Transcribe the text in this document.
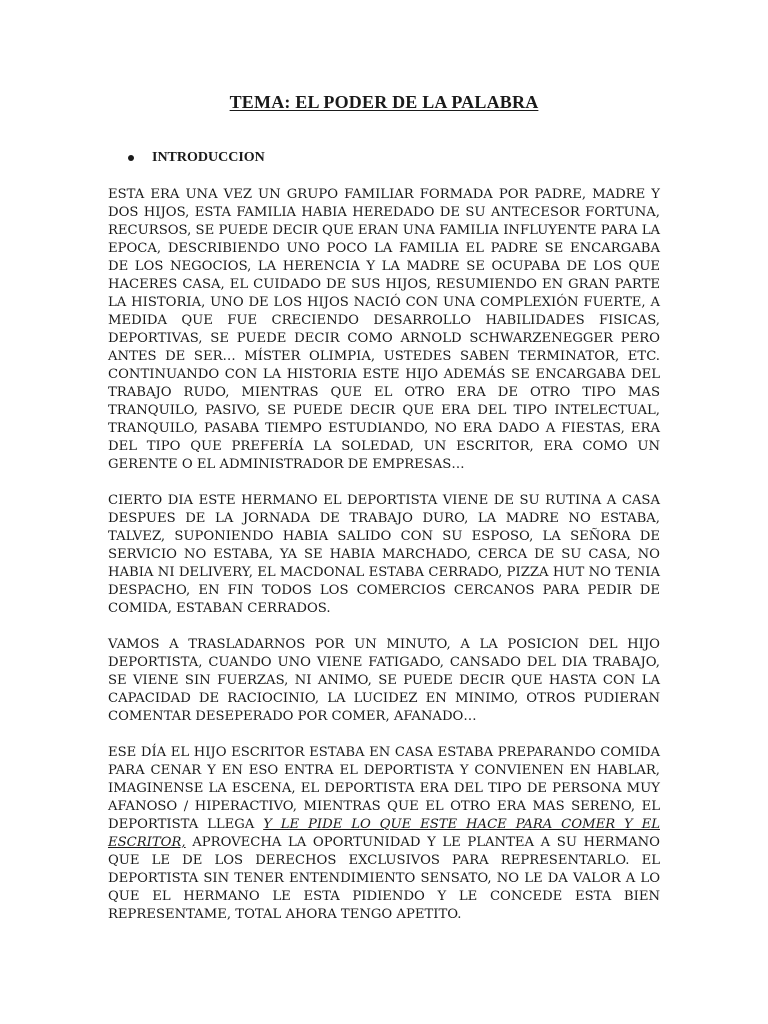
TEMA: EL PODER DE LA PALABRA
INTRODUCCION

ESTA ERA UNA VEZ UN GRUPO FAMILIAR FORMADA POR PADRE, MADRE Y DOS HIJOS, ESTA FAMILIA HABIA HEREDADO DE SU ANTECESOR FORTUNA, RECURSOS, SE PUEDE DECIR QUE ERAN UNA FAMILIA INFLUYENTE PARA LA EPOCA, DESCRIBIENDO UNO POCO LA FAMILIA EL PADRE SE ENCARGABA DE LOS NEGOCIOS, LA HERENCIA Y LA MADRE SE OCUPABA DE LOS QUE HACERES CASA, EL CUIDADO DE SUS HIJOS, RESUMIENDO EN GRAN PARTE LA HISTORIA, UNO DE LOS HIJOS NACIÓ CON UNA COMPLEXIÓN FUERTE, A MEDIDA QUE FUE CRECIENDO DESARROLLO HABILIDADES FISICAS, DEPORTIVAS, SE PUEDE DECIR COMO ARNOLD SCHWARZENEGGER PERO ANTES DE SER… MÍSTER OLIMPIA, USTEDES SABEN TERMINATOR, ETC. CONTINUANDO CON LA HISTORIA ESTE HIJO ADEMÁS SE ENCARGABA DEL TRABAJO RUDO, MIENTRAS QUE EL OTRO ERA DE OTRO TIPO MAS TRANQUILO, PASIVO, SE PUEDE DECIR QUE ERA DEL TIPO INTELECTUAL, TRANQUILO, PASABA TIEMPO ESTUDIANDO, NO ERA DADO A FIESTAS, ERA DEL TIPO QUE PREFERÍA LA SOLEDAD, UN ESCRITOR, ERA COMO UN GERENTE O EL ADMINISTRADOR DE EMPRESAS…

CIERTO DIA ESTE HERMANO EL DEPORTISTA VIENE DE SU RUTINA A CASA DESPUES DE LA JORNADA DE TRABAJO DURO, LA MADRE NO ESTABA, TALVEZ, SUPONIENDO HABIA SALIDO CON SU ESPOSO, LA SEÑORA DE SERVICIO NO ESTABA, YA SE HABIA MARCHADO, CERCA DE SU CASA, NO HABIA NI DELIVERY, EL MACDONAL ESTABA CERRADO, PIZZA HUT NO TENIA DESPACHO, EN FIN TODOS LOS COMERCIOS CERCANOS PARA PEDIR DE COMIDA, ESTABAN CERRADOS.

VAMOS A TRASLADARNOS POR UN MINUTO, A LA POSICION DEL HIJO DEPORTISTA, CUANDO UNO VIENE FATIGADO, CANSADO DEL DIA TRABAJO, SE VIENE SIN FUERZAS, NI ANIMO, SE PUEDE DECIR QUE HASTA CON LA CAPACIDAD DE RACIOCINIO, LA LUCIDEZ EN MINIMO, OTROS PUDIERAN COMENTAR DESEPERADO POR COMER, AFANADO…

ESE DÍA EL HIJO ESCRITOR ESTABA EN CASA ESTABA PREPARANDO COMIDA PARA CENAR Y EN ESO ENTRA EL DEPORTISTA Y CONVIENEN EN HABLAR, IMAGINENSE LA ESCENA, EL DEPORTISTA ERA DEL TIPO DE PERSONA MUY AFANOSO / HIPERACTIVO, MIENTRAS QUE EL OTRO ERA MAS SERENO, EL DEPORTISTA LLEGA Y LE PIDE LO QUE ESTE HACE PARA COMER Y EL ESCRITOR, APROVECHA LA OPORTUNIDAD Y LE PLANTEA A SU HERMANO QUE LE DE LOS DERECHOS EXCLUSIVOS PARA REPRESENTARLO. EL DEPORTISTA SIN TENER ENTENDIMIENTO SENSATO, NO LE DA VALOR A LO QUE EL HERMANO LE ESTA PIDIENDO Y LE CONCEDE ESTA BIEN REPRESENTAME, TOTAL AHORA TENGO APETITO.
